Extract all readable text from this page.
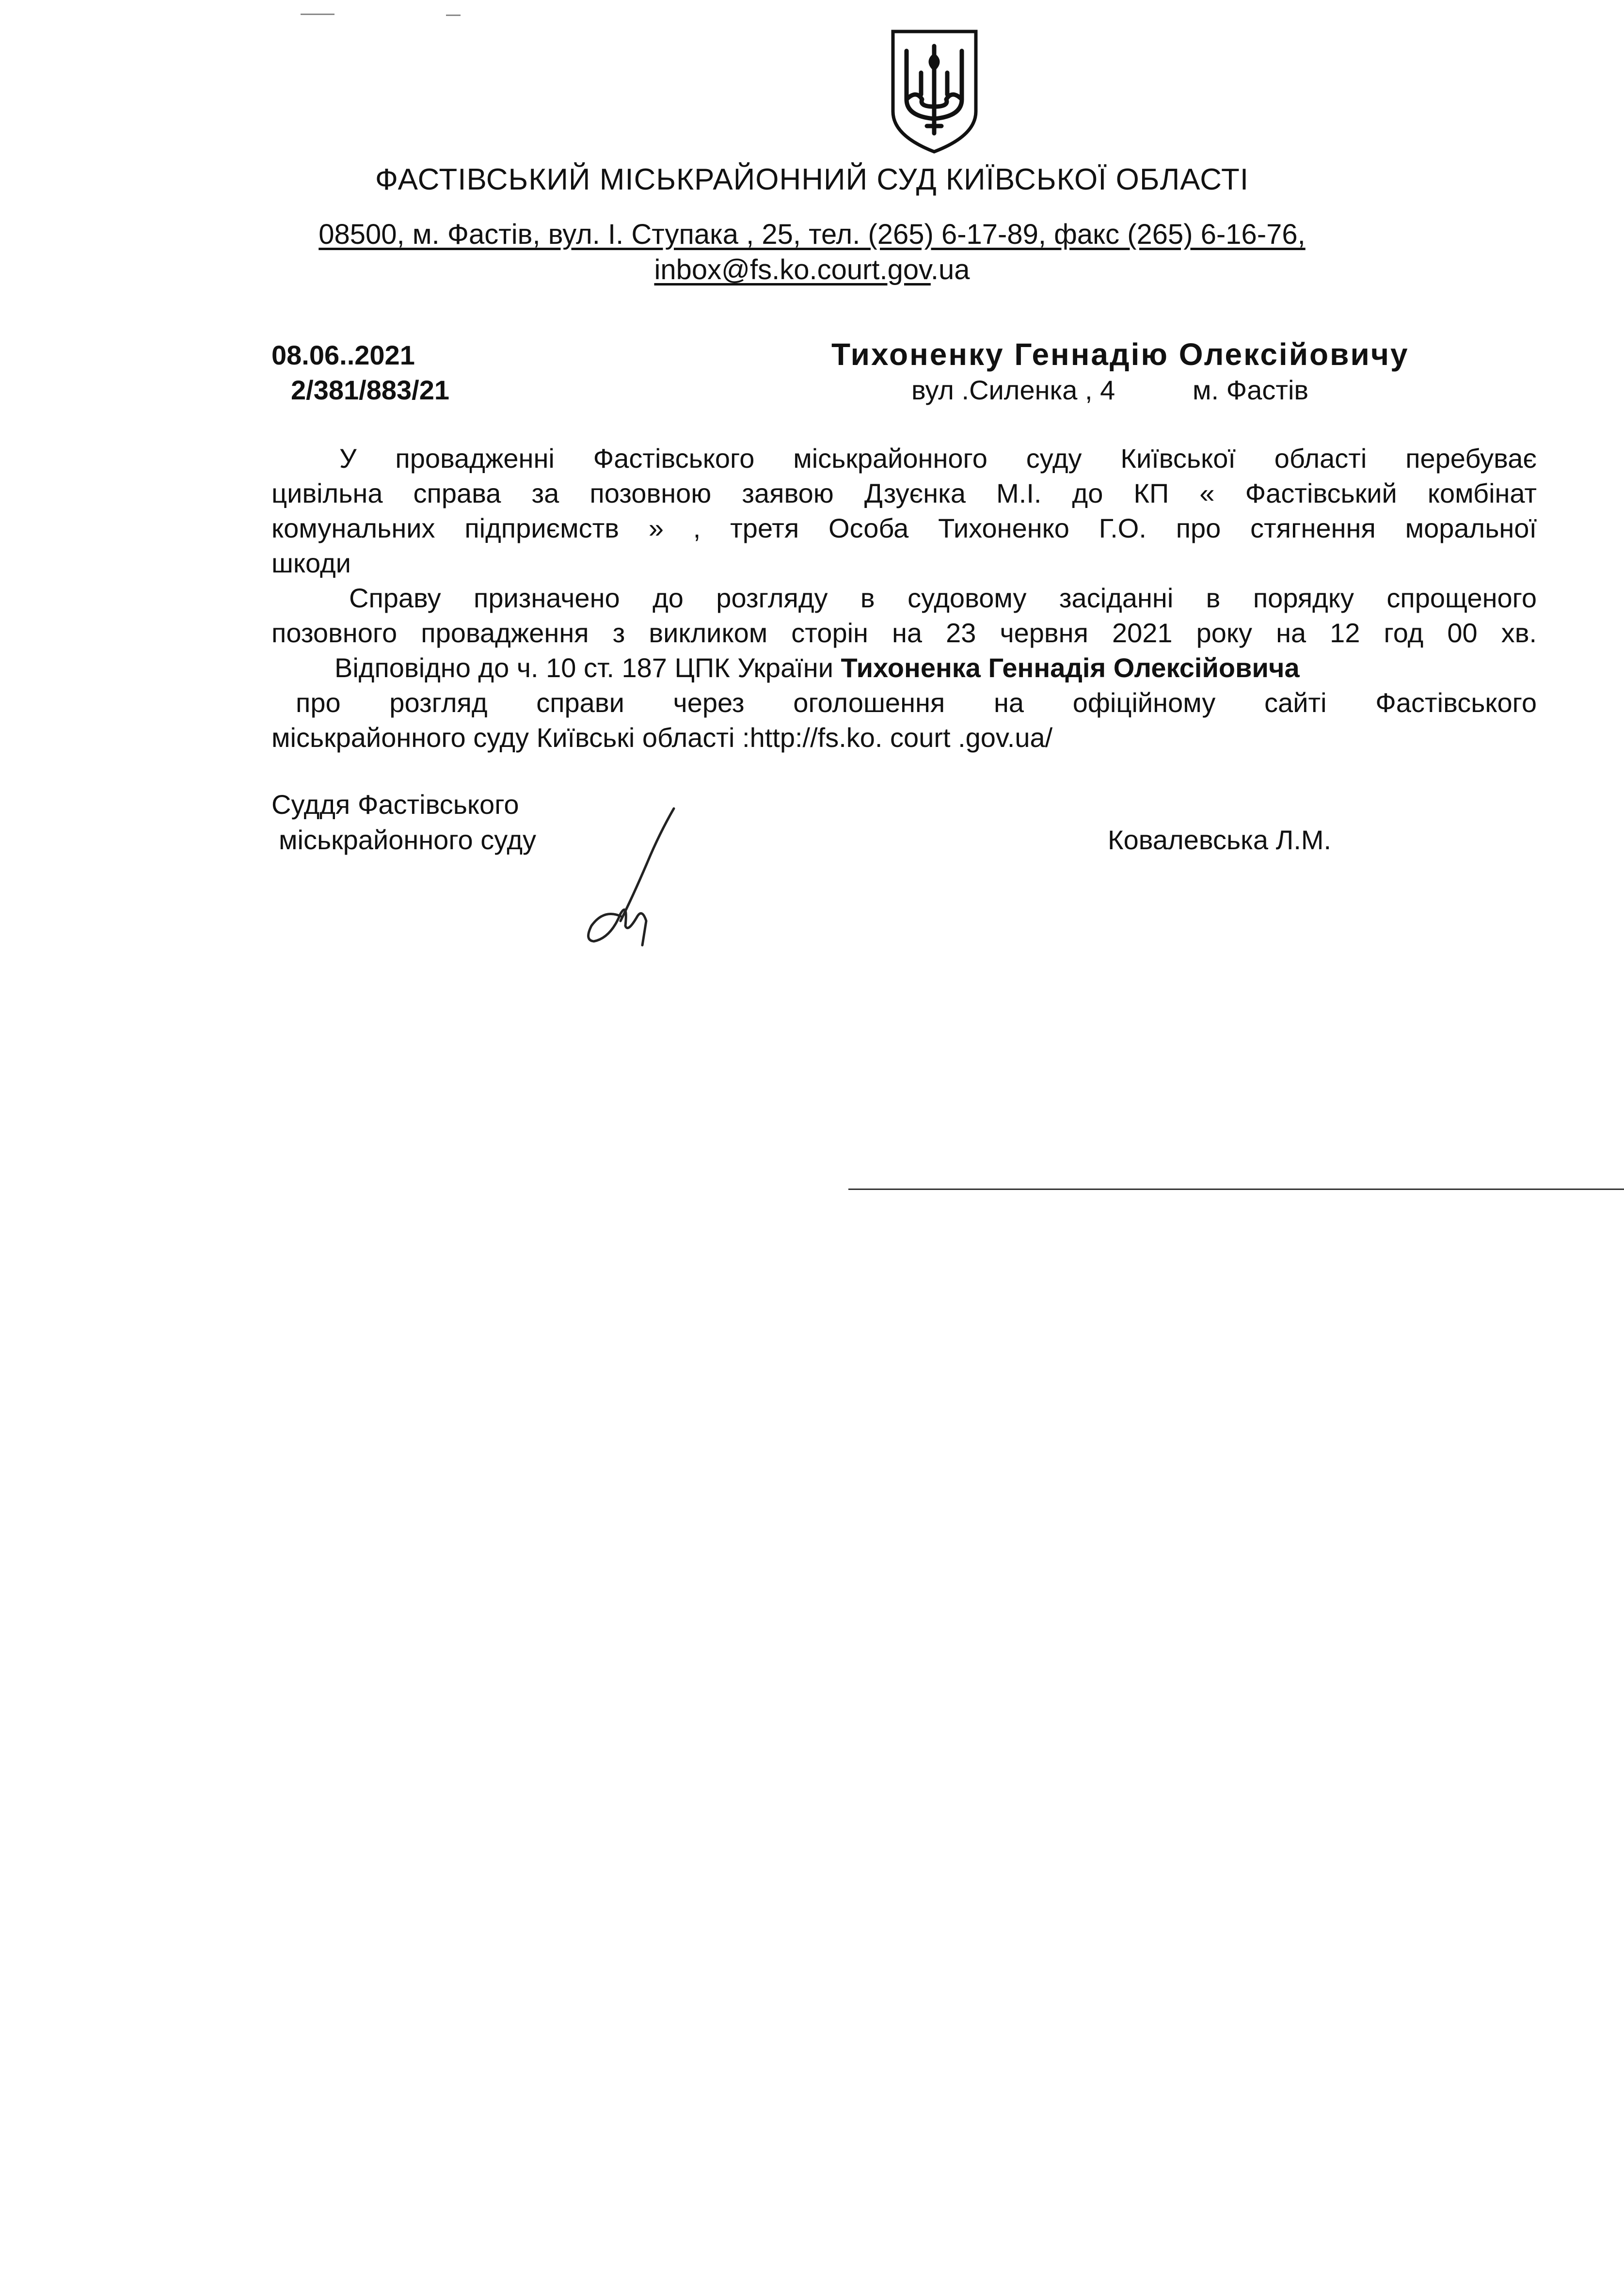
ФАСТІВСЬКИЙ МІСЬКРАЙОННИЙ СУД КИЇВСЬКОЇ ОБЛАСТІ
08500, м. Фастів, вул. І. Ступака , 25, тел. (265) 6-17-89, факс (265) 6-16-76,
inbox@fs.ko.court.gov.ua
08.06..2021
2/381/883/21
Тихоненку Геннадію Олексійовичу
вул .Силенка , 4	м. Фастів

У провадженні Фастівського міськрайонного суду Київської області перебуває

цивільна справа за позовною заявою Дзуєнка М.І. до КП « Фастівський комбінат

комунальних підприємств » , третя Особа Тихоненко Г.О. про стягнення моральної

шкоди

Справу призначено до розгляду в судовому засіданні в порядку спрощеного

позовного провадження з викликом сторін на 23 червня 2021 року на 12 год 00 хв.

Відповідно до ч. 10 ст. 187 ЦПК України Тихоненка Геннадія Олексійовича

про розгляд справи через оголошення на офіційному сайті Фастівського

міськрайонного суду Київські області :http://fs.ko. court .gov.ua/

Суддя Фастівського
міськрайонного суду	Ковалевська Л.М.
